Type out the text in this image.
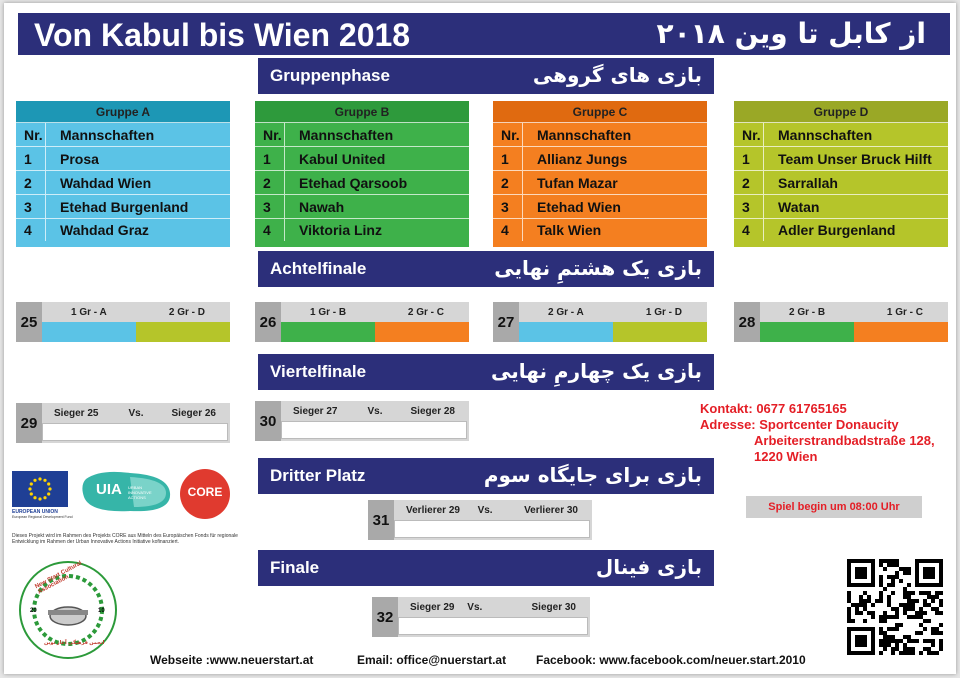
Von Kabul bis Wien 2018	از کابل تا وین ۲۰۱۸
Gruppenphase	بازی های گروهی
Gruppe A
Nr.	Mannschaften
1	Prosa
2	Wahdad Wien
3	Etehad Burgenland
4	Wahdad Graz
Gruppe B
Nr.	Mannschaften
1	Kabul United
2	Etehad Qarsoob
3	Nawah
4	Viktoria Linz
Gruppe C
Nr.	Mannschaften
1	Allianz Jungs
2	Tufan Mazar
3	Etehad Wien
4	Talk Wien
Gruppe D
Nr.	Mannschaften
1	Team Unser Bruck Hilft
2	Sarrallah
3	Watan
4	Adler Burgenland
Achtelfinale	بازی یک هشتمِ نهایی
25
1 Gr - A	2 Gr - D
26
1 Gr - B	2 Gr - C
27
2 Gr - A	1 Gr - D
28
2 Gr - B	1 Gr - C
Viertelfinale	بازی یک چهارمِ نهایی
29
Sieger 25	Vs.	Sieger 26	30
Sieger 27	Vs.	Sieger 28	Kontakt: 0677 61765165
Adresse: Sportcenter Donaucity
Arbeiterstrandbadstraße 128,
1220 Wien
Dritter Platz	بازی برای جایگاه سوم
31
Verlierer 29 Vs.	Verlierer 30	Spiel begin um 08:00 Uhr
EUROPEAN UNION
European Regional Development Fund
UIA URBAN INNOVATIVE ACTIONS	CORE
Dieses Projekt wird im Rahmen des Projekts CORE aus Mitteln des Europäischen Fonds für regionale Entwicklung im Rahmen der Urban Innovative Actions Initiative kofinanziert.
Finale	بازی فینال
32
Sieger 29 Vs.	Sieger 30
New Start Cultural Association
20	10
انجمن فرهنگی آغاز نوین
Webseite :www.neuerstart.at	Email: office@nuerstart.at Facebook: www.facebook.com/neuer.start.2010
